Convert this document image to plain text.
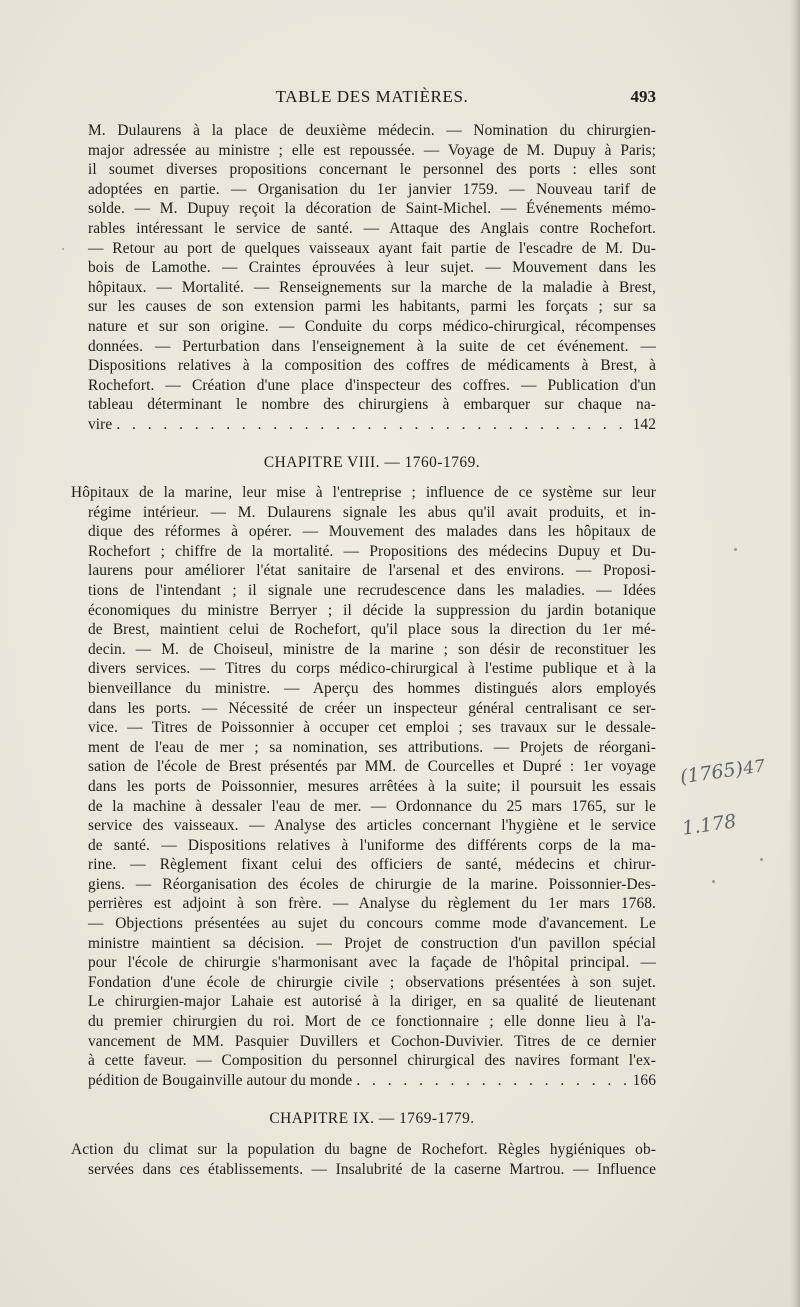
TABLE DES MATIÈRES.	493
M. Dulaurens à la place de deuxième médecin. — Nomination du chirurgien-
major adressée au ministre ; elle est repoussée. — Voyage de M. Dupuy à Paris;
il soumet diverses propositions concernant le personnel des ports : elles sont
adoptées en partie. — Organisation du 1er janvier 1759. — Nouveau tarif de
solde. — M. Dupuy reçoit la décoration de Saint-Michel. — Événements mémo-
rables intéressant le service de santé. — Attaque des Anglais contre Rochefort.
— Retour au port de quelques vaisseaux ayant fait partie de l'escadre de M. Du-
bois de Lamothe. — Craintes éprouvées à leur sujet. — Mouvement dans les
hôpitaux. — Mortalité. — Renseignements sur la marche de la maladie à Brest,
sur les causes de son extension parmi les habitants, parmi les forçats ; sur sa
nature et sur son origine. — Conduite du corps médico-chirurgical, récompenses
données. — Perturbation dans l'enseignement à la suite de cet événement. —
Dispositions relatives à la composition des coffres de médicaments à Brest, à
Rochefort. — Création d'une place d'inspecteur des coffres. — Publication d'un
tableau déterminant le nombre des chirurgiens à embarquer sur chaque na-
vire . . .	142
CHAPITRE VIII. — 1760-1769.
Hôpitaux de la marine, leur mise à l'entreprise ; influence de ce système sur leur
régime intérieur. — M. Dulaurens signale les abus qu'il avait produits, et in-
dique des réformes à opérer. — Mouvement des malades dans les hôpitaux de
Rochefort ; chiffre de la mortalité. — Propositions des médecins Dupuy et Du-
laurens pour améliorer l'état sanitaire de l'arsenal et des environs. — Proposi-
tions de l'intendant ; il signale une recrudescence dans les maladies. — Idées
économiques du ministre Berryer ; il décide la suppression du jardin botanique
de Brest, maintient celui de Rochefort, qu'il place sous la direction du 1er mé-
decin. — M. de Choiseul, ministre de la marine ; son désir de reconstituer les
divers services. — Titres du corps médico-chirurgical à l'estime publique et à la
bienveillance du ministre. — Aperçu des hommes distingués alors employés
dans les ports. — Nécessité de créer un inspecteur général centralisant ce ser-
vice. — Titres de Poissonnier à occuper cet emploi ; ses travaux sur le dessale-
ment de l'eau de mer ; sa nomination, ses attributions. — Projets de réorgani-
sation de l'école de Brest présentés par MM. de Courcelles et Dupré : 1er voyage
dans les ports de Poissonnier, mesures arrêtées à la suite; il poursuit les essais
de la machine à dessaler l'eau de mer. — Ordonnance du 25 mars 1765, sur le
service des vaisseaux. — Analyse des articles concernant l'hygiène et le service
de santé. — Dispositions relatives à l'uniforme des différents corps de la ma-
rine. — Règlement fixant celui des officiers de santé, médecins et chirur-
giens. — Réorganisation des écoles de chirurgie de la marine. Poissonnier-Des-
perrières est adjoint à son frère. — Analyse du règlement du 1er mars 1768.
— Objections présentées au sujet du concours comme mode d'avancement. Le
ministre maintient sa décision. — Projet de construction d'un pavillon spécial
pour l'école de chirurgie s'harmonisant avec la façade de l'hôpital principal. —
Fondation d'une école de chirurgie civile ; observations présentées à son sujet.
Le chirurgien-major Lahaie est autorisé à la diriger, en sa qualité de lieutenant
du premier chirurgien du roi. Mort de ce fonctionnaire ; elle donne lieu à l'a-
vancement de MM. Pasquier Duvillers et Cochon-Duvivier. Titres de ce dernier
à cette faveur. — Composition du personnel chirurgical des navires formant l'ex-
pédition de Bougainville autour du monde . . .	166
CHAPITRE IX. — 1769-1779.
Action du climat sur la population du bagne de Rochefort. Règles hygiéniques ob-
servées dans ces établissements. — Insalubrité de la caserne Martrou. — Influence
(1765)
·47
1.178
